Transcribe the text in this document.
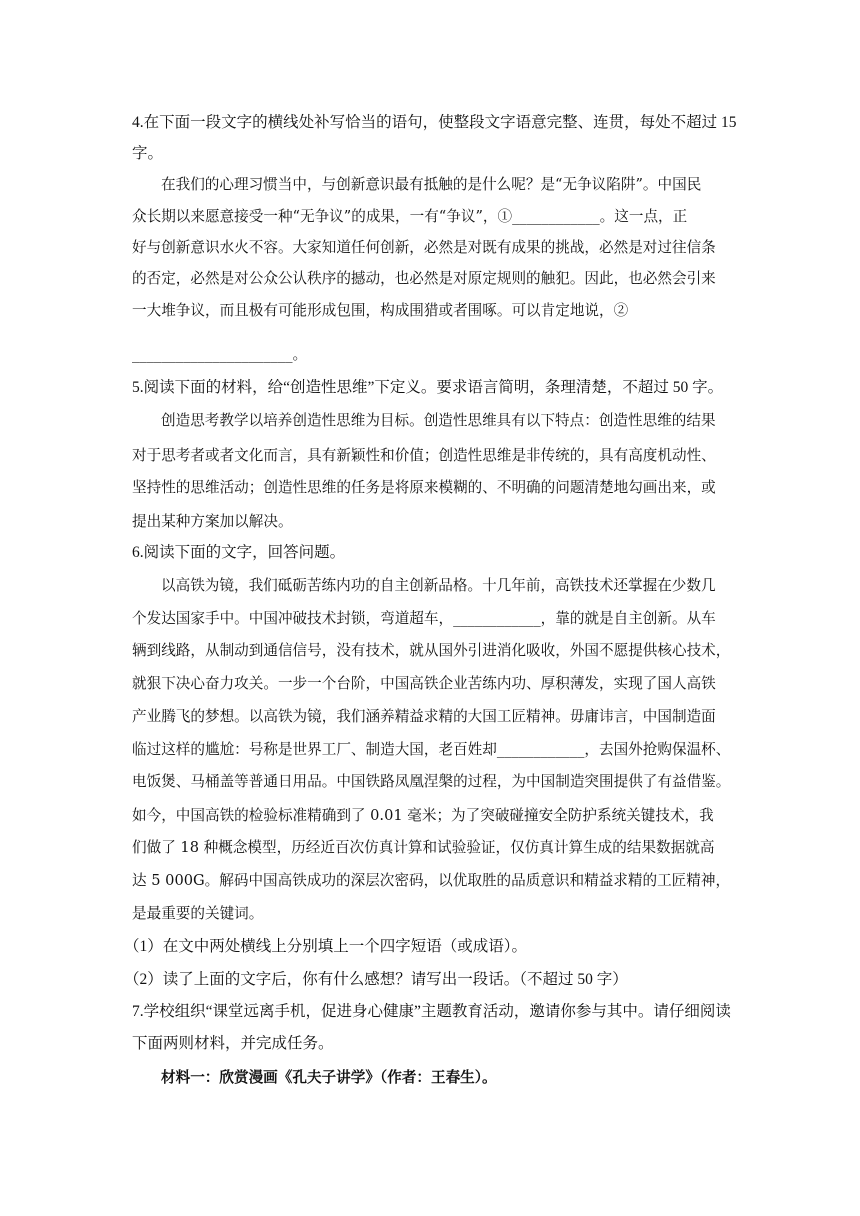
4.在下面一段文字的横线处补写恰当的语句，使整段文字语意完整、连贯，每处不超过 15
字。
在我们的心理习惯当中，与创新意识最有抵触的是什么呢？是“无争议陷阱”。中国民
众长期以来愿意接受一种“无争议”的成果，一有“争议”，①____________。这一点，正
好与创新意识水火不容。大家知道任何创新，必然是对既有成果的挑战，必然是对过往信条
的否定，必然是对公众公认秩序的撼动，也必然是对原定规则的触犯。因此，也必然会引来
一大堆争议，而且极有可能形成包围，构成围猎或者围啄。可以肯定地说，②
______________________。
5.阅读下面的材料，给“创造性思维”下定义。要求语言简明，条理清楚，不超过 50 字。
创造思考教学以培养创造性思维为目标。创造性思维具有以下特点：创造性思维的结果
对于思考者或者文化而言，具有新颖性和价值；创造性思维是非传统的，具有高度机动性、
坚持性的思维活动；创造性思维的任务是将原来模糊的、不明确的问题清楚地勾画出来，或
提出某种方案加以解决。
6.阅读下面的文字，回答问题。
以高铁为镜，我们砥砺苦练内功的自主创新品格。十几年前，高铁技术还掌握在少数几
个发达国家手中。中国冲破技术封锁，弯道超车，____________，靠的就是自主创新。从车
辆到线路，从制动到通信信号，没有技术，就从国外引进消化吸收，外国不愿提供核心技术，
就狠下决心奋力攻关。一步一个台阶，中国高铁企业苦练内功、厚积薄发，实现了国人高铁
产业腾飞的梦想。以高铁为镜，我们涵养精益求精的大国工匠精神。毋庸讳言，中国制造面
临过这样的尴尬：号称是世界工厂、制造大国，老百姓却____________，去国外抢购保温杯、
电饭煲、马桶盖等普通日用品。中国铁路凤凰涅槃的过程，为中国制造突围提供了有益借鉴。
如今，中国高铁的检验标准精确到了 0.01 毫米；为了突破碰撞安全防护系统关键技术，我
们做了 18 种概念模型，历经近百次仿真计算和试验验证，仅仿真计算生成的结果数据就高
达 5 000G。解码中国高铁成功的深层次密码，以优取胜的品质意识和精益求精的工匠精神，
是最重要的关键词。
（1）在文中两处横线上分别填上一个四字短语（或成语）。
（2）读了上面的文字后，你有什么感想？请写出一段话。（不超过 50 字）
7.学校组织“课堂远离手机，促进身心健康”主题教育活动，邀请你参与其中。请仔细阅读
下面两则材料，并完成任务。
材料一：欣赏漫画《孔夫子讲学》（作者：王春生）。
